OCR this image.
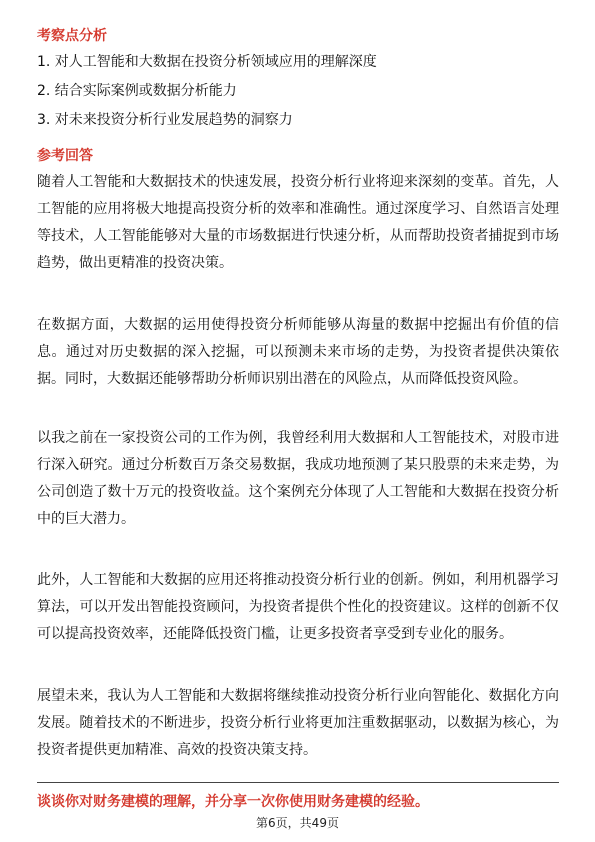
考察点分析
1. 对人工智能和大数据在投资分析领域应用的理解深度
2. 结合实际案例或数据分析能力
3. 对未来投资分析行业发展趋势的洞察力
参考回答
随着人工智能和大数据技术的快速发展，投资分析行业将迎来深刻的变革。首先，人工智能的应用将极大地提高投资分析的效率和准确性。通过深度学习、自然语言处理等技术，人工智能能够对大量的市场数据进行快速分析，从而帮助投资者捕捉到市场趋势，做出更精准的投资决策。
在数据方面，大数据的运用使得投资分析师能够从海量的数据中挖掘出有价值的信息。通过对历史数据的深入挖掘，可以预测未来市场的走势，为投资者提供决策依据。同时，大数据还能够帮助分析师识别出潜在的风险点，从而降低投资风险。
以我之前在一家投资公司的工作为例，我曾经利用大数据和人工智能技术，对股市进行深入研究。通过分析数百万条交易数据，我成功地预测了某只股票的未来走势，为公司创造了数十万元的投资收益。这个案例充分体现了人工智能和大数据在投资分析中的巨大潜力。
此外，人工智能和大数据的应用还将推动投资分析行业的创新。例如，利用机器学习算法，可以开发出智能投资顾问，为投资者提供个性化的投资建议。这样的创新不仅可以提高投资效率，还能降低投资门槛，让更多投资者享受到专业化的服务。
展望未来，我认为人工智能和大数据将继续推动投资分析行业向智能化、数据化方向发展。随着技术的不断进步，投资分析行业将更加注重数据驱动，以数据为核心，为投资者提供更加精准、高效的投资决策支持。
谈谈你对财务建模的理解，并分享一次你使用财务建模的经验。
第6页，共49页
